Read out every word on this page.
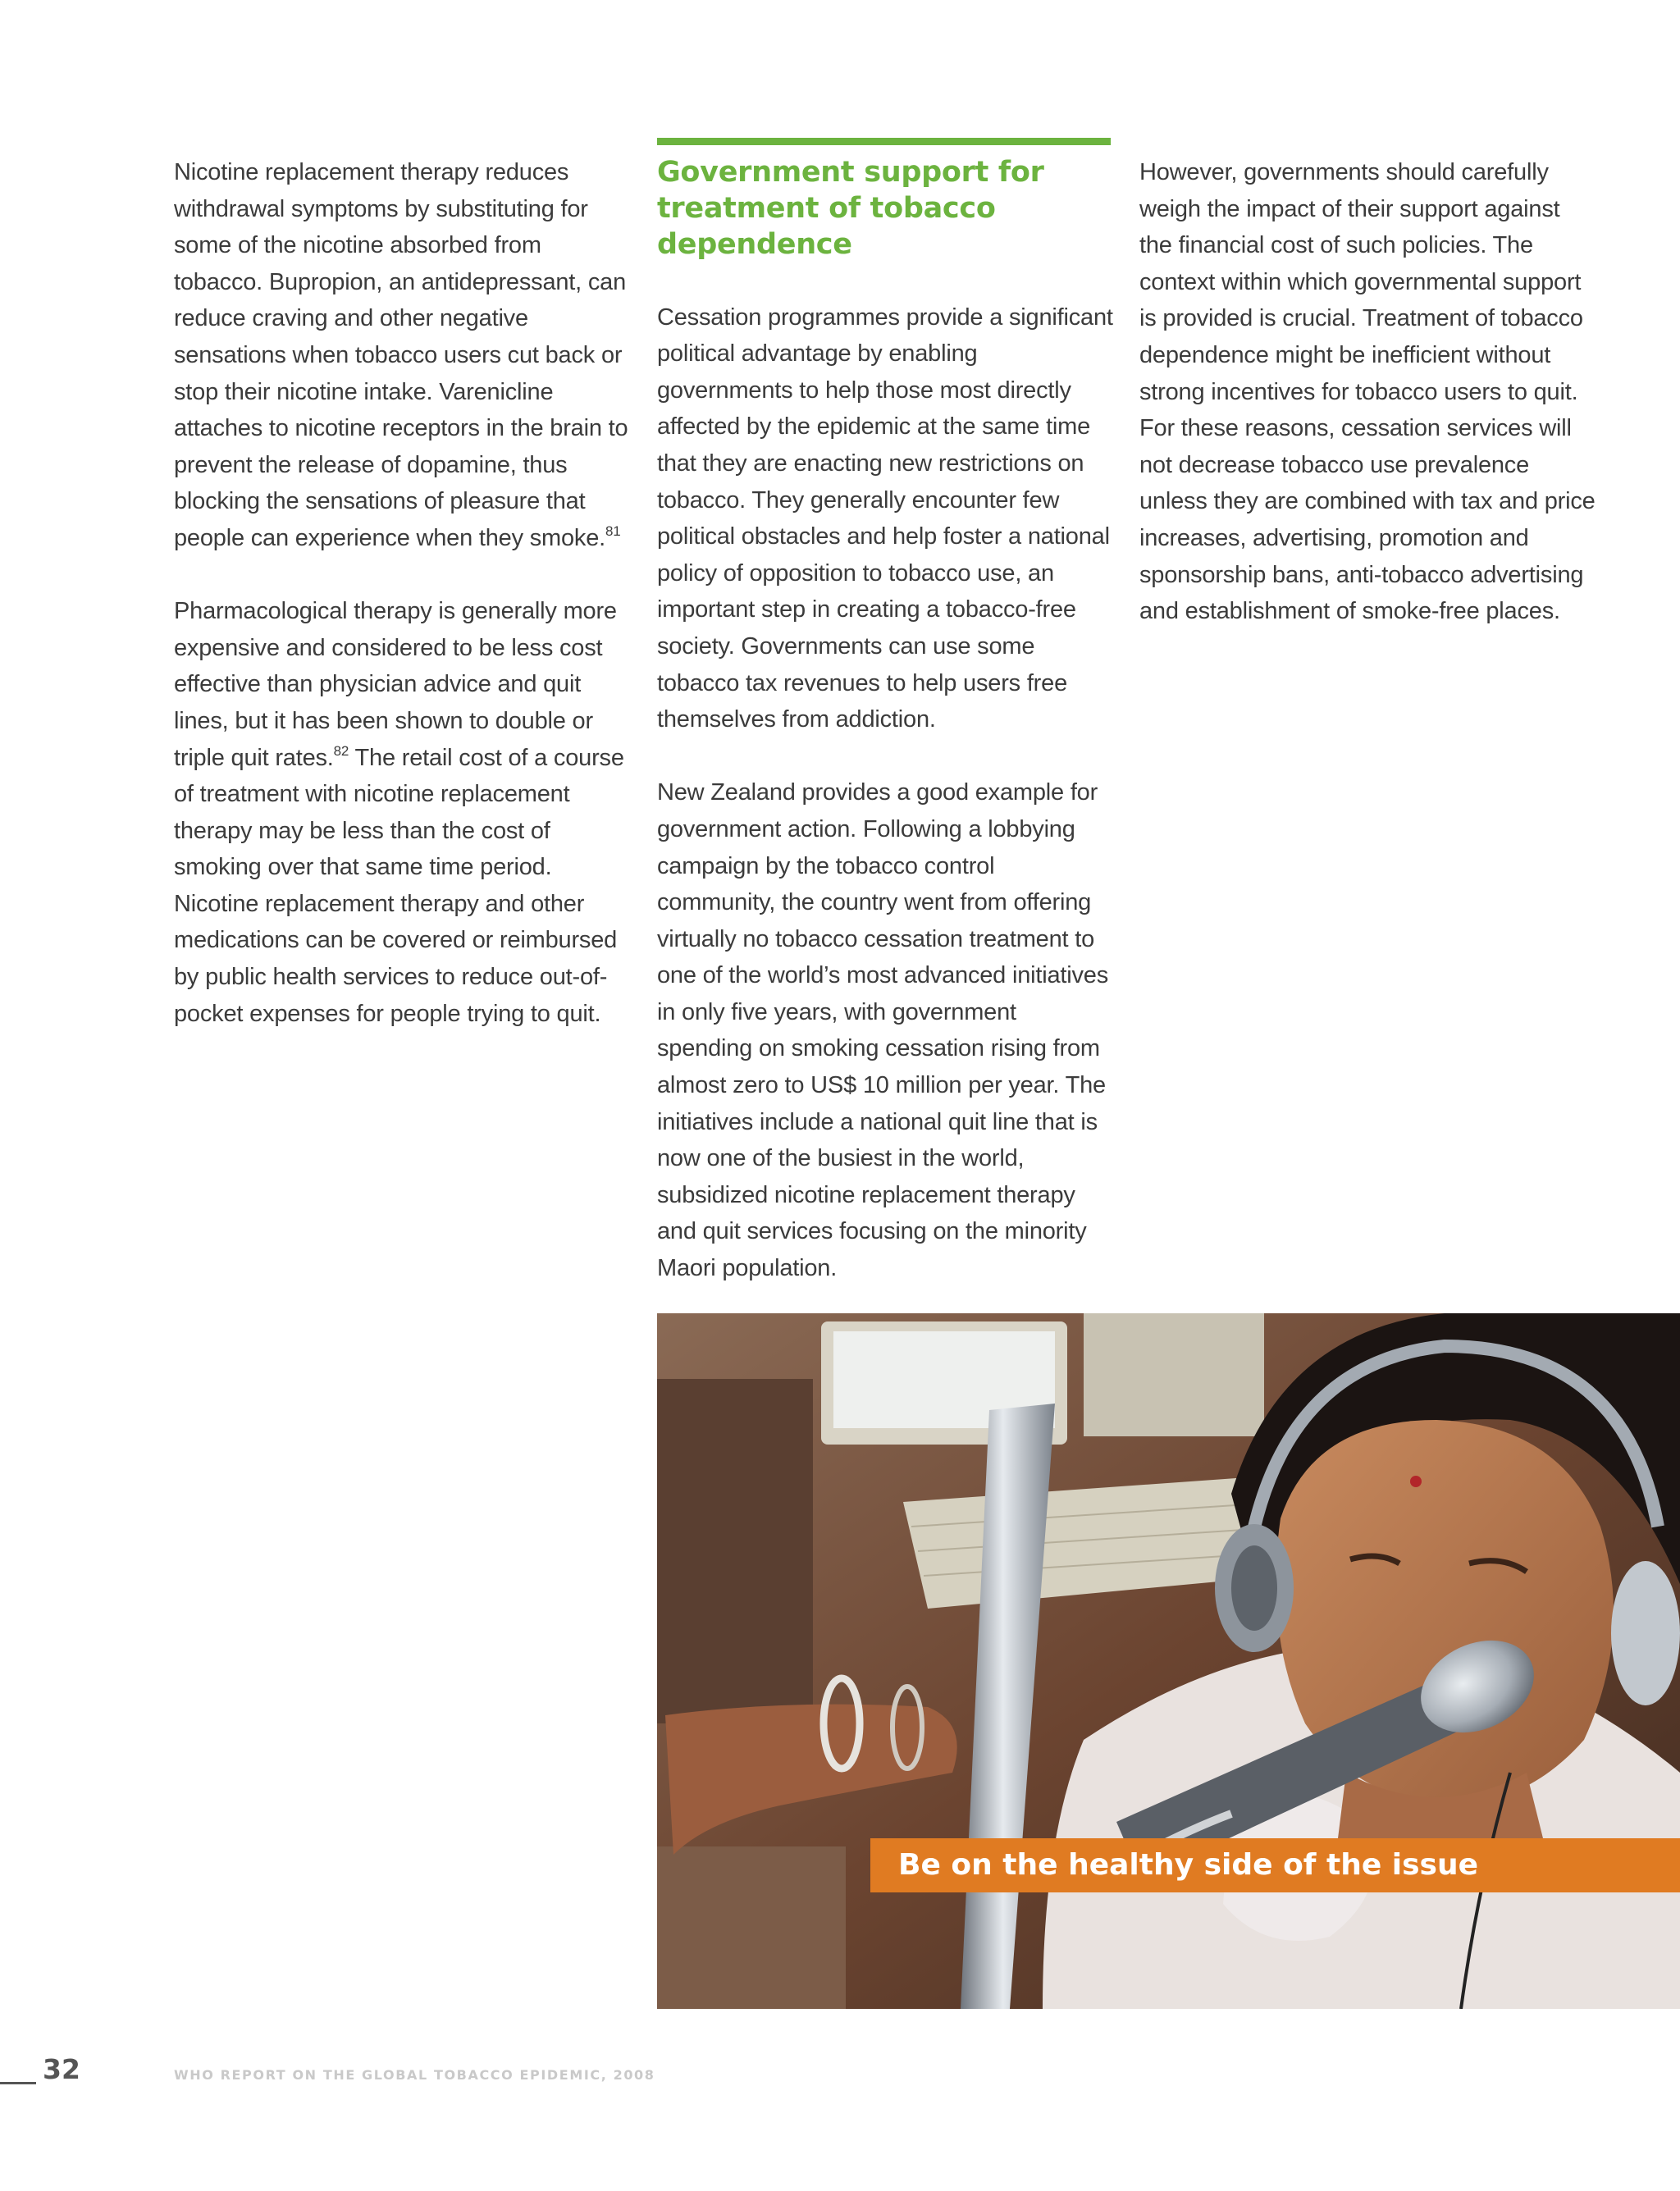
Nicotine replacement therapy reduces withdrawal symptoms by substituting for some of the nicotine absorbed from tobacco. Bupropion, an antidepressant, can reduce craving and other negative sensations when tobacco users cut back or stop their nicotine intake. Varenicline attaches to nicotine receptors in the brain to prevent the release of dopamine, thus blocking the sensations of pleasure that people can experience when they smoke.$^{81}$

Pharmacological therapy is generally more expensive and considered to be less cost effective than physician advice and quit lines, but it has been shown to double or triple quit rates.$^{82}$ The retail cost of a course of treatment with nicotine replacement therapy may be less than the cost of smoking over that same time period. Nicotine replacement therapy and other medications can be covered or reimbursed by public health services to reduce out-of-pocket expenses for people trying to quit.

Government support for
treatment of tobacco
dependence

Cessation programmes provide a significant political advantage by enabling governments to help those most directly affected by the epidemic at the same time that they are enacting new restrictions on tobacco. They generally encounter few political obstacles and help foster a national policy of opposition to tobacco use, an important step in creating a tobacco-free society. Governments can use some tobacco tax revenues to help users free themselves from addiction.

New Zealand provides a good example for government action. Following a lobbying campaign by the tobacco control community, the country went from offering virtually no tobacco cessation treatment to one of the world’s most advanced initiatives in only five years, with government spending on smoking cessation rising from almost zero to US$ 10 million per year. The initiatives include a national quit line that is now one of the busiest in the world, subsidized nicotine replacement therapy and quit services focusing on the minority Maori population.

However, governments should carefully weigh the impact of their support against the financial cost of such policies. The context within which governmental support is provided is crucial. Treatment of tobacco dependence might be inefficient without strong incentives for tobacco users to quit. For these reasons, cessation services will not decrease tobacco use prevalence unless they are combined with tax and price increases, advertising, promotion and sponsorship bans, anti-tobacco advertising and establishment of smoke-free places.

Be on the healthy side of the issue
32	WHO REPORT ON THE GLOBAL TOBACCO EPIDEMIC, 2008
